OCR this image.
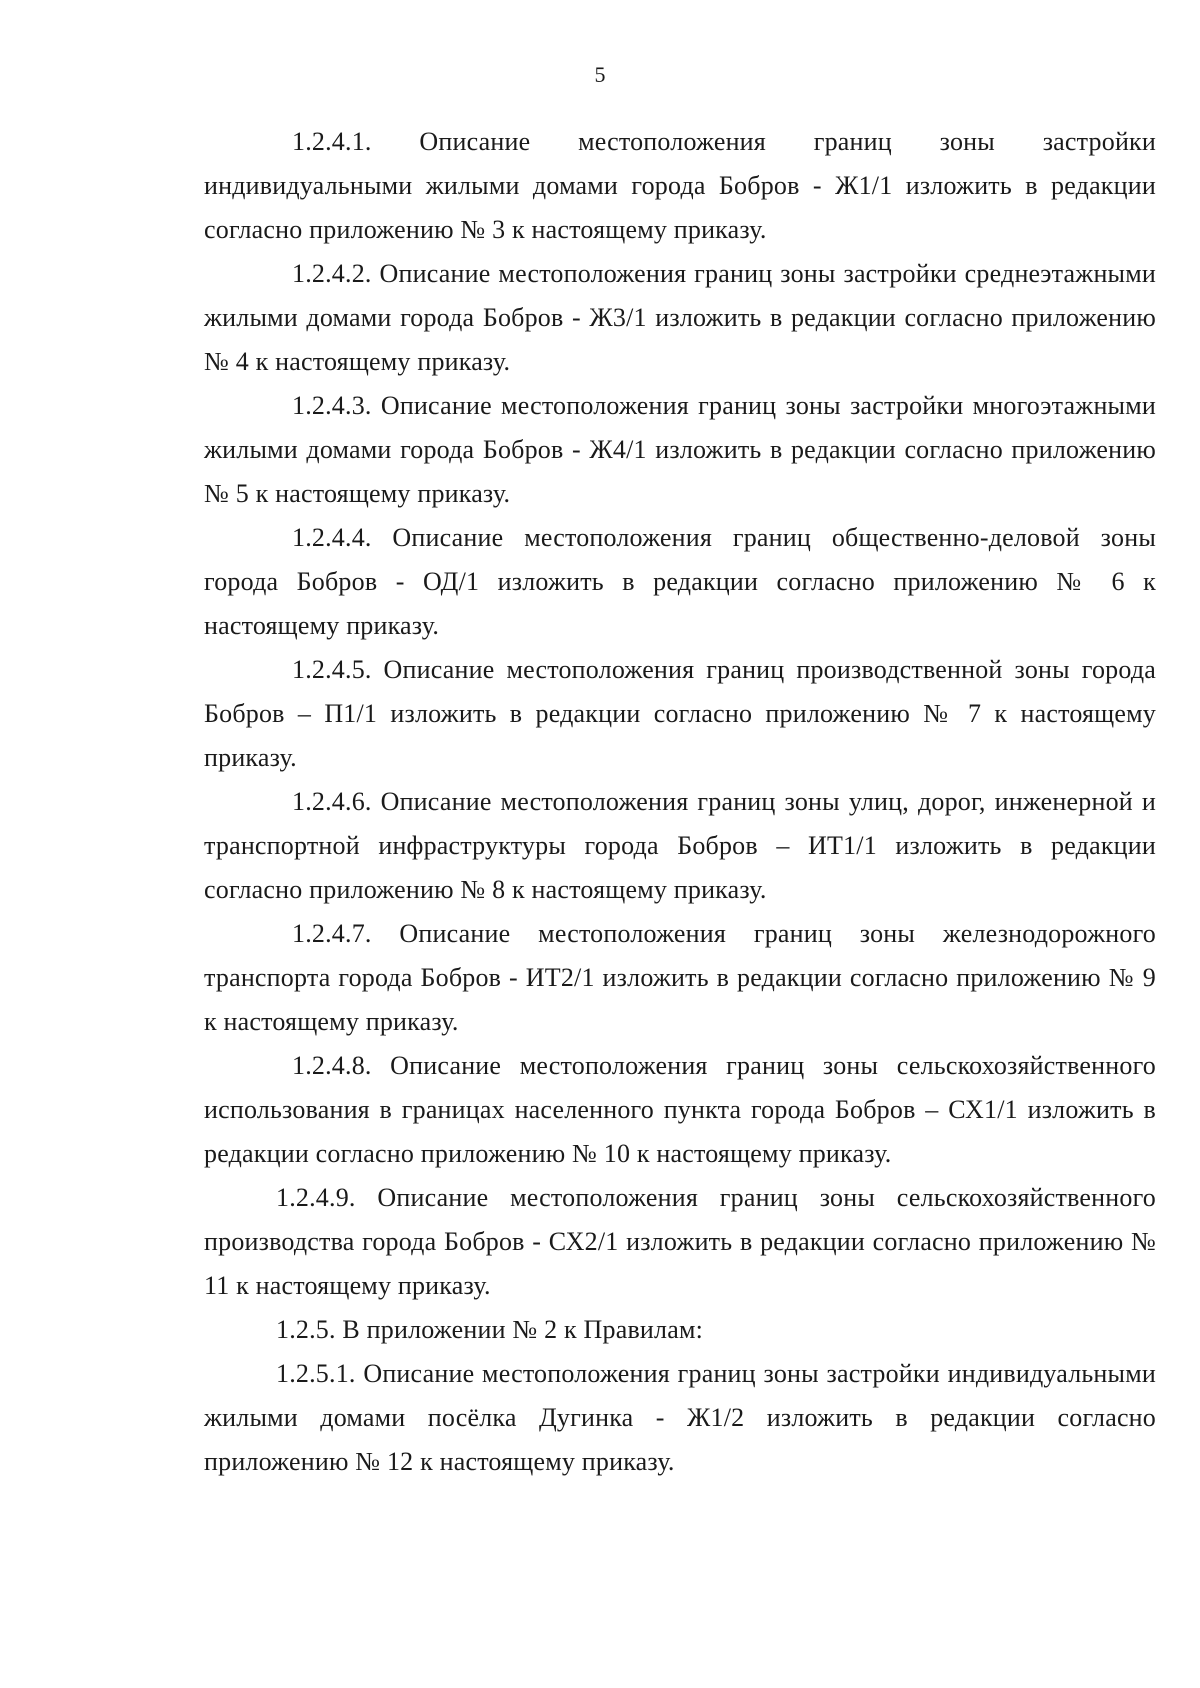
5

1.2.4.1. Описание местоположения границ зоны застройки индивидуальными жилыми домами города Бобров - Ж1/1 изложить в редакции согласно приложению № 3 к настоящему приказу.

1.2.4.2. Описание местоположения границ зоны застройки среднеэтажными жилыми домами города Бобров - Ж3/1 изложить в редакции согласно приложению № 4 к настоящему приказу.

1.2.4.3. Описание местоположения границ зоны застройки многоэтажными жилыми домами города Бобров - Ж4/1 изложить в редакции согласно приложению № 5 к настоящему приказу.

1.2.4.4. Описание местоположения границ общественно-деловой зоны города Бобров - ОД/1 изложить в редакции согласно приложению № 6 к настоящему приказу.

1.2.4.5. Описание местоположения границ производственной зоны города Бобров – П1/1 изложить в редакции согласно приложению № 7 к настоящему приказу.

1.2.4.6. Описание местоположения границ зоны улиц, дорог, инженерной и транспортной инфраструктуры города Бобров – ИТ1/1 изложить в редакции согласно приложению № 8 к настоящему приказу.

1.2.4.7. Описание местоположения границ зоны железнодорожного транспорта города Бобров - ИТ2/1 изложить в редакции согласно приложению № 9 к настоящему приказу.

1.2.4.8. Описание местоположения границ зоны сельскохозяйственного использования в границах населенного пункта города Бобров – СХ1/1 изложить в редакции согласно приложению № 10 к настоящему приказу.

1.2.4.9. Описание местоположения границ зоны сельскохозяйственного производства города Бобров - СХ2/1 изложить в редакции согласно приложению № 11 к настоящему приказу.

1.2.5. В приложении № 2 к Правилам:

1.2.5.1. Описание местоположения границ зоны застройки индивидуальными жилыми домами посёлка Дугинка - Ж1/2 изложить в редакции согласно приложению № 12 к настоящему приказу.
